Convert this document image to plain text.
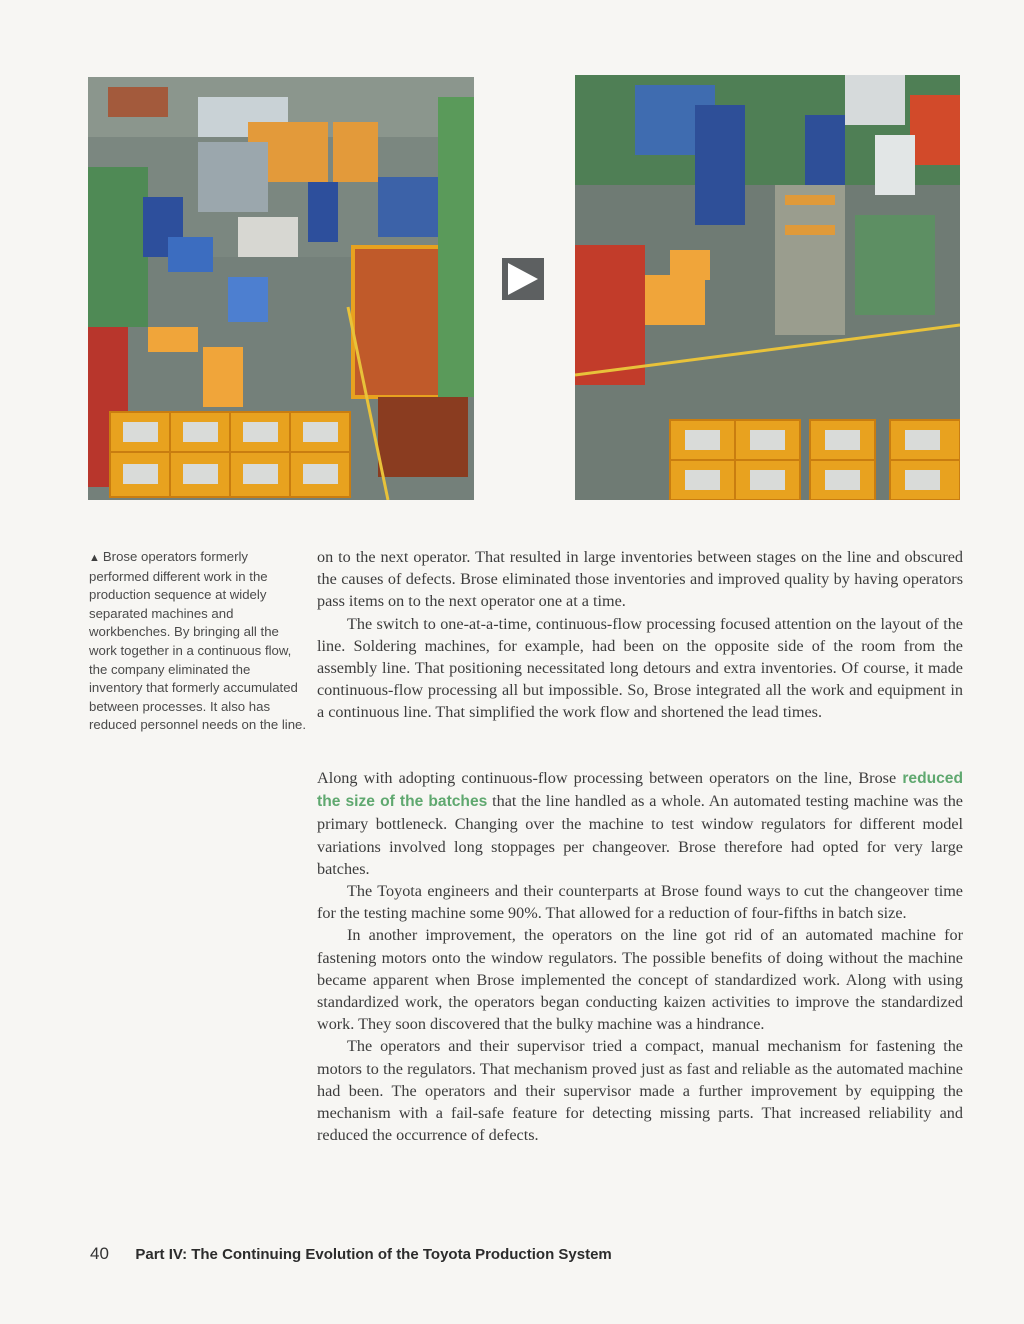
▲ Brose operators formerly performed different work in the production sequence at widely separated machines and workbenches. By bringing all the work together in a continuous flow, the company eliminated the inventory that formerly accumulated between processes. It also has reduced personnel needs on the line.

on to the next operator. That resulted in large inventories between stages on the line and obscured the causes of defects. Brose eliminated those inventories and improved quality by having operators pass items on to the next operator one at a time.

The switch to one-at-a-time, continuous-flow processing focused attention on the layout of the line. Soldering machines, for example, had been on the opposite side of the room from the assembly line. That positioning necessitated long detours and extra inventories. Of course, it made continuous-flow processing all but impossible. So, Brose integrated all the work and equipment in a continuous line. That simplified the work flow and shortened the lead times.

Along with adopting continuous-flow processing between operators on the line, Brose reduced the size of the batches that the line handled as a whole. An automated testing machine was the primary bottleneck. Changing over the machine to test window regulators for different model variations involved long stoppages per changeover. Brose therefore had opted for very large batches.

The Toyota engineers and their counterparts at Brose found ways to cut the changeover time for the testing machine some 90%. That allowed for a reduction of four-fifths in batch size.

In another improvement, the operators on the line got rid of an automated machine for fastening motors onto the window regulators. The possible benefits of doing without the machine became apparent when Brose implemented the concept of standardized work. Along with using standardized work, the operators began conducting kaizen activities to improve the standardized work. They soon discovered that the bulky machine was a hindrance.

The operators and their supervisor tried a compact, manual mechanism for fastening the motors to the regulators. That mechanism proved just as fast and reliable as the automated machine had been. The operators and their supervisor made a further improvement by equipping the mechanism with a fail-safe feature for detecting missing parts. That increased reliability and reduced the occurrence of defects.

40 Part IV: The Continuing Evolution of the Toyota Production System
